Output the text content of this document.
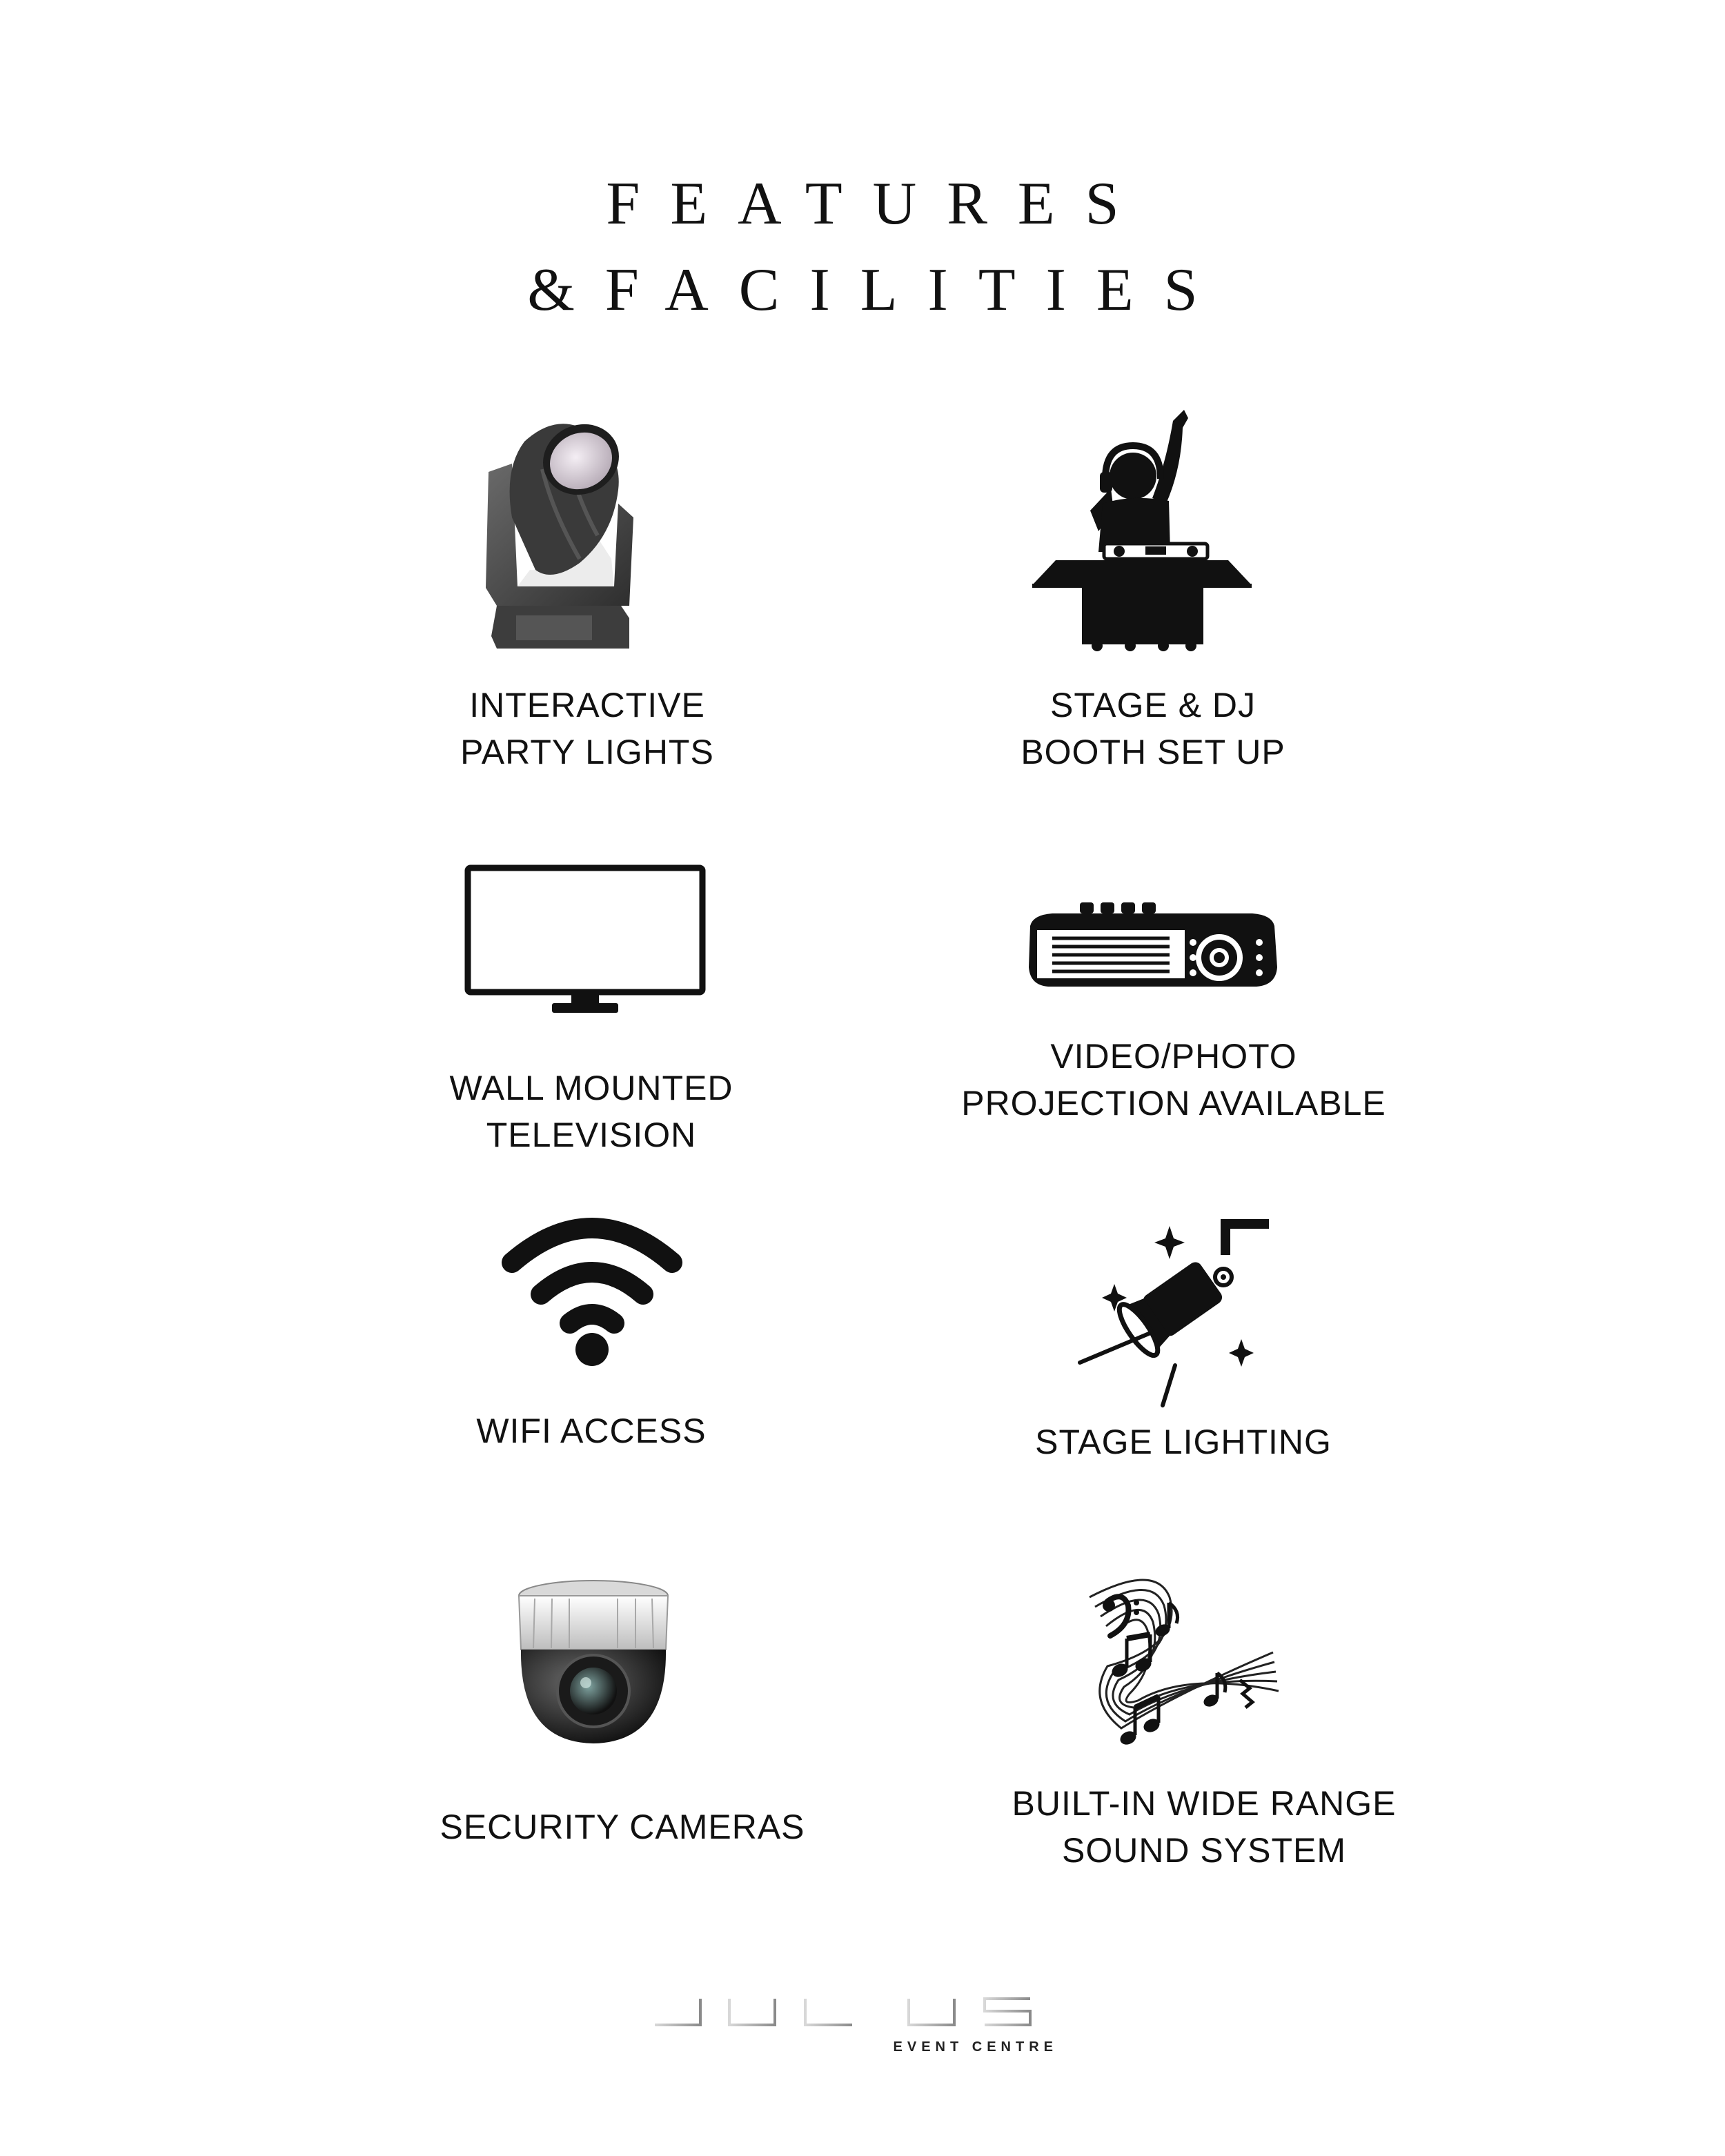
FEATURES
&FACILITIES
INTERACTIVE
PARTY LIGHTS
STAGE & DJ
BOOTH SET UP
WALL MOUNTED
TELEVISION
VIDEO/PHOTO
PROJECTION AVAILABLE
WIFI ACCESS	STAGE LIGHTING
SECURITY CAMERAS
BUILT-IN WIDE RANGE
SOUND SYSTEM
EVENT CENTRE
